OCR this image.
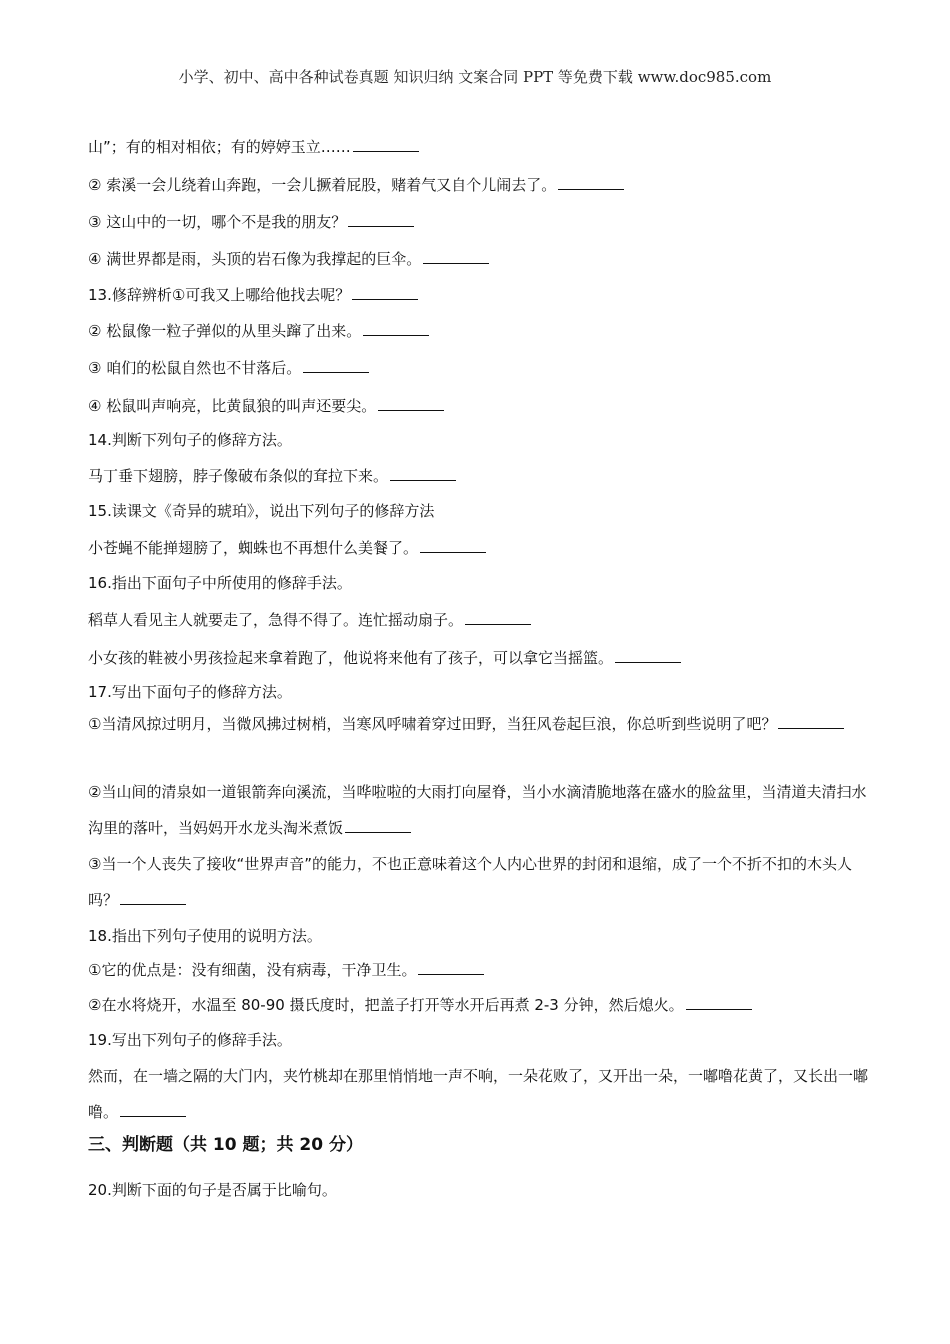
小学、初中、高中各种试卷真题 知识归纳 文案合同 PPT 等免费下载 www.doc985.com
山”；有的相对相依；有的婷婷玉立……
② 索溪一会儿绕着山奔跑，一会儿撅着屁股，赌着气又自个儿闹去了。
③ 这山中的一切，哪个不是我的朋友？
④ 满世界都是雨，头顶的岩石像为我撑起的巨伞。
13.修辞辨析①可我又上哪给他找去呢？
② 松鼠像一粒子弹似的从里头蹿了出来。
③ 咱们的松鼠自然也不甘落后。
④ 松鼠叫声响亮，比黄鼠狼的叫声还要尖。
14.判断下列句子的修辞方法。
马丁垂下翅膀，脖子像破布条似的耷拉下来。
15.读课文《奇异的琥珀》，说出下列句子的修辞方法
小苍蝇不能掸翅膀了，蜘蛛也不再想什么美餐了。
16.指出下面句子中所使用的修辞手法。
稻草人看见主人就要走了，急得不得了。连忙摇动扇子。
小女孩的鞋被小男孩捡起来拿着跑了，他说将来他有了孩子，可以拿它当摇篮。
17.写出下面句子的修辞方法。
①当清风掠过明月，当微风拂过树梢，当寒风呼啸着穿过田野，当狂风卷起巨浪，你总听到些说明了吧？
②当山间的清泉如一道银箭奔向溪流，当哗啦啦的大雨打向屋脊，当小水滴清脆地落在盛水的脸盆里，当清道夫清扫水沟里的落叶，当妈妈开水龙头淘米煮饭
③当一个人丧失了接收“世界声音”的能力，不也正意味着这个人内心世界的封闭和退缩，成了一个不折不扣的木头人吗？
18.指出下列句子使用的说明方法。
①它的优点是：没有细菌，没有病毒，干净卫生。
②在水将烧开，水温至 80-90 摄氏度时，把盖子打开等水开后再煮 2-3 分钟，然后熄火。
19.写出下列句子的修辞手法。
然而，在一墙之隔的大门内，夹竹桃却在那里悄悄地一声不响，一朵花败了，又开出一朵，一嘟噜花黄了，又长出一嘟噜。
三、判断题（共 10 题；共 20 分）
20.判断下面的句子是否属于比喻句。
